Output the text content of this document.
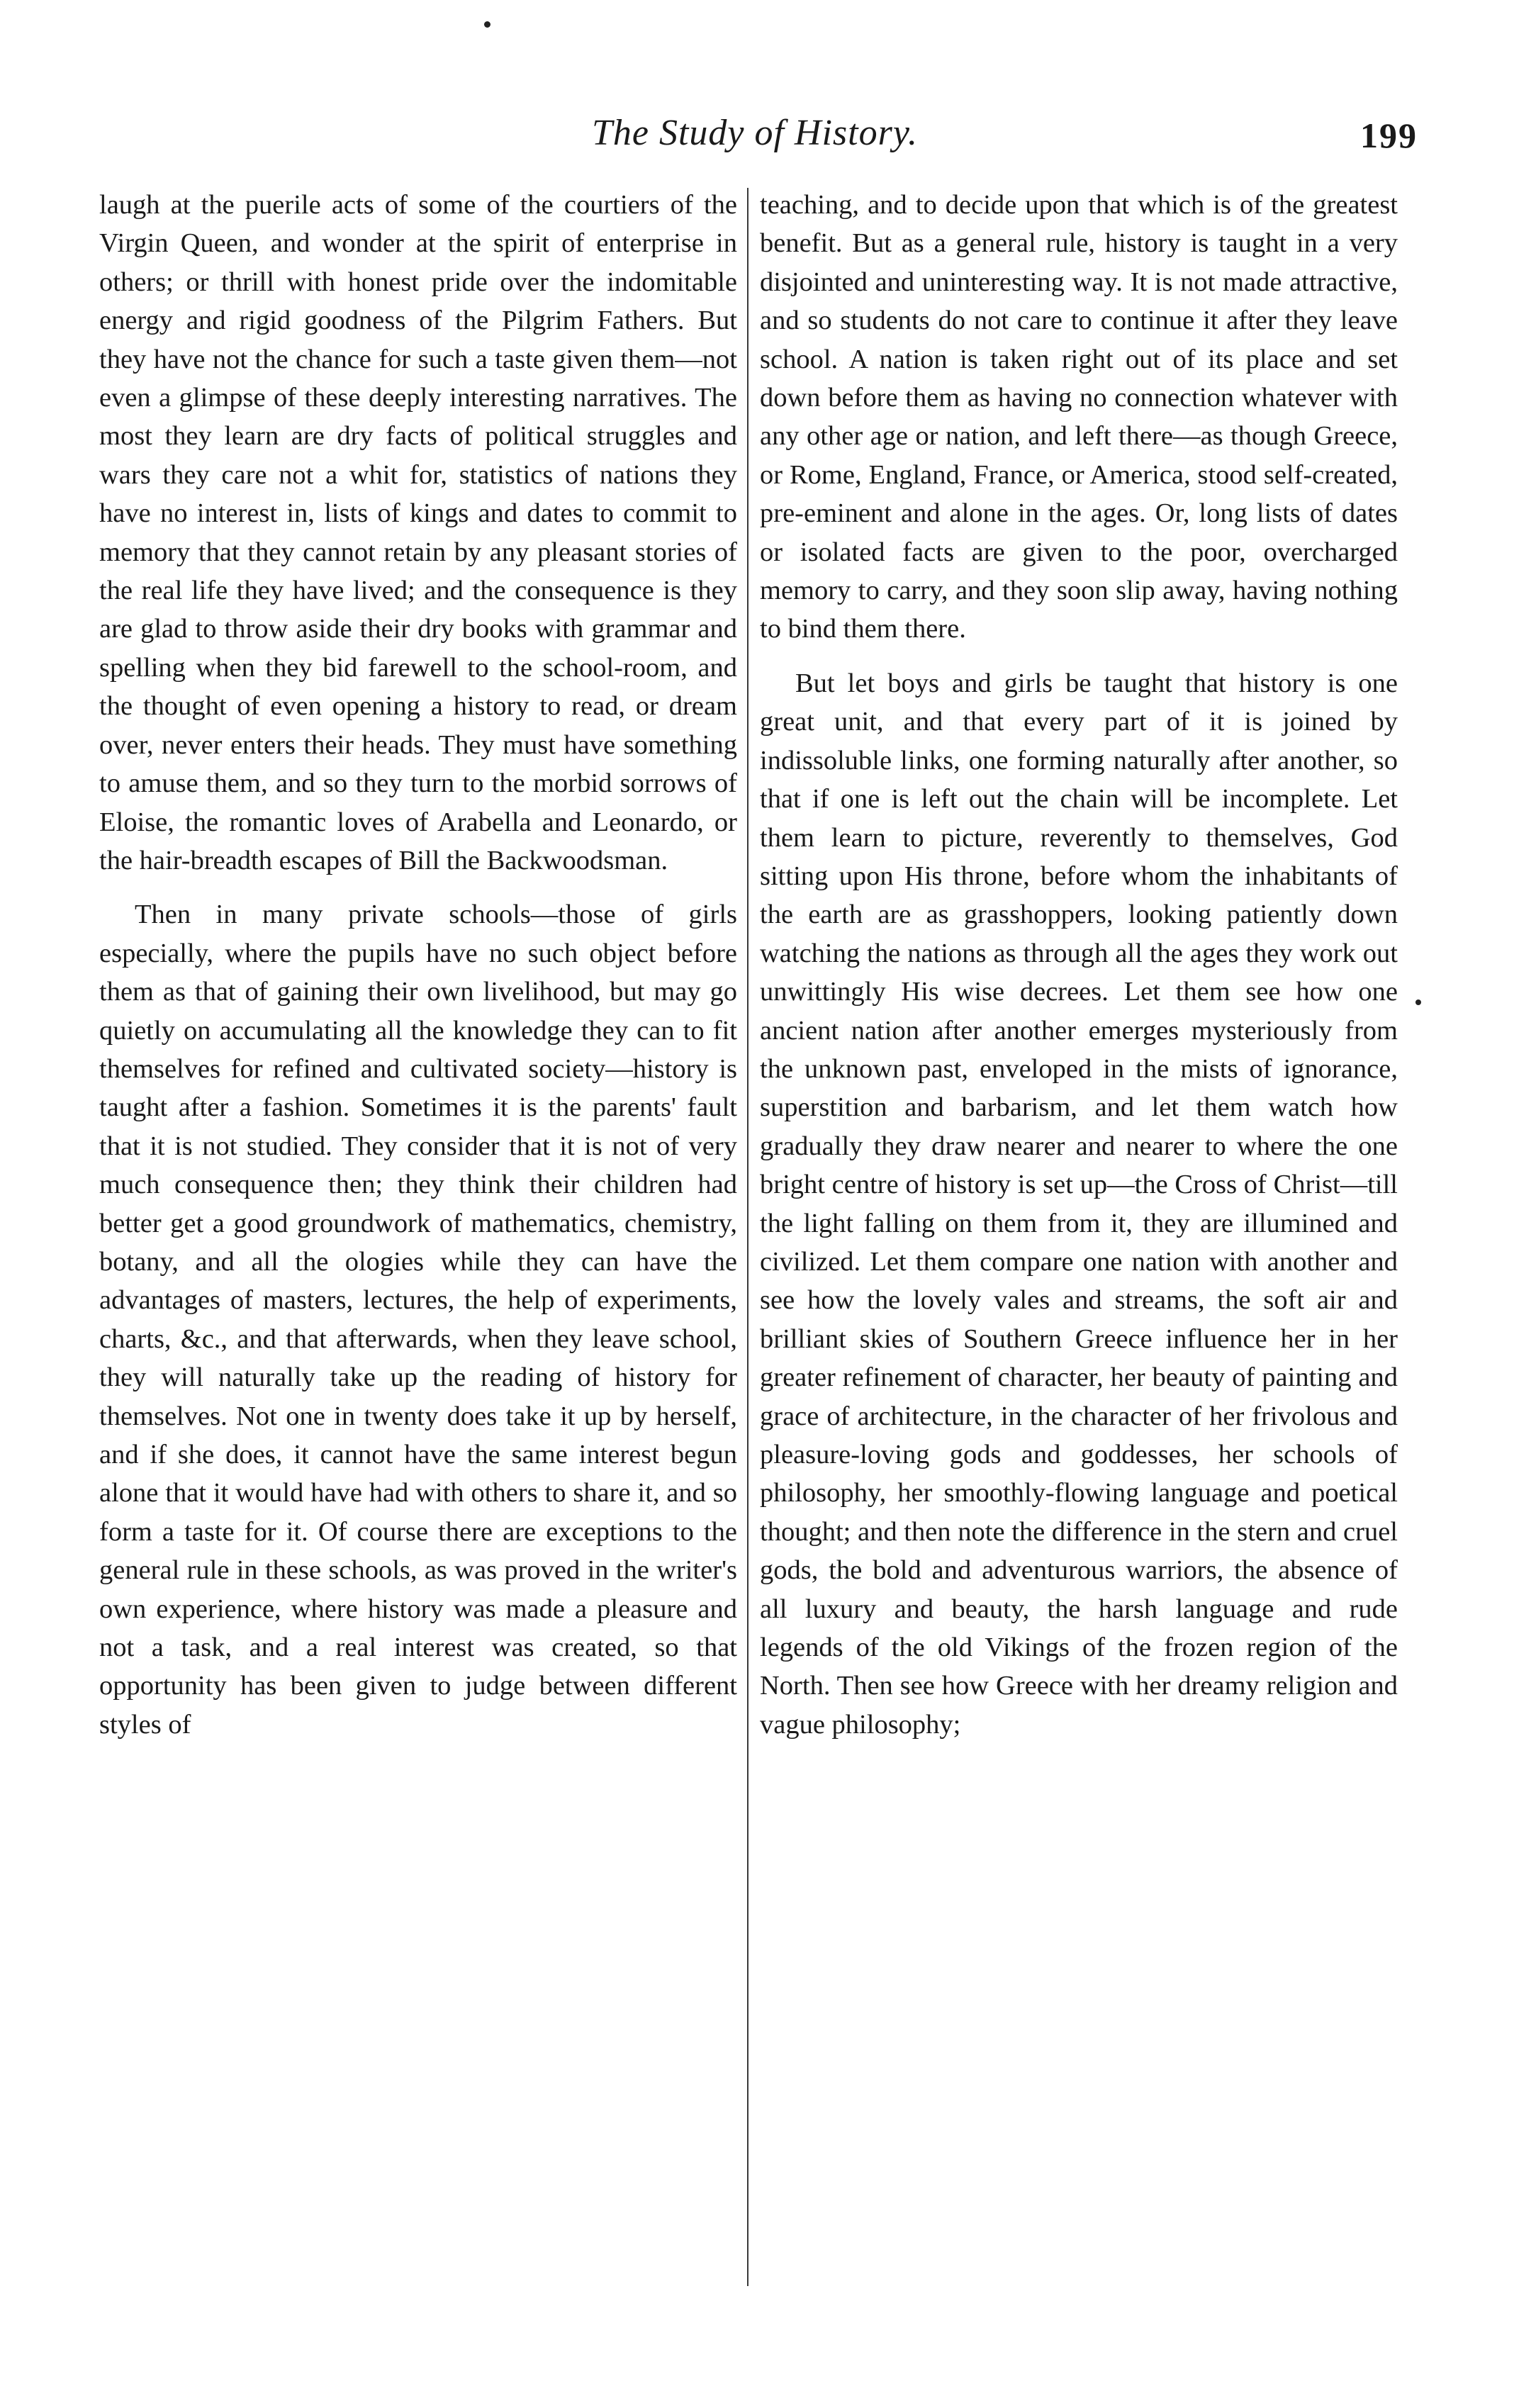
The Study of History.	199

laugh at the puerile acts of some of the courtiers of the Virgin Queen, and wonder at the spirit of enterprise in others; or thrill with honest pride over the indomitable energy and rigid goodness of the Pilgrim Fathers. But they have not the chance for such a taste given them—not even a glimpse of these deeply interesting narratives. The most they learn are dry facts of political struggles and wars they care not a whit for, statistics of nations they have no interest in, lists of kings and dates to commit to memory that they cannot retain by any pleasant stories of the real life they have lived; and the consequence is they are glad to throw aside their dry books with grammar and spelling when they bid farewell to the school-room, and the thought of even opening a history to read, or dream over, never enters their heads. They must have something to amuse them, and so they turn to the morbid sorrows of Eloise, the romantic loves of Arabella and Leonardo, or the hair-breadth escapes of Bill the Backwoodsman.

Then in many private schools—those of girls especially, where the pupils have no such object before them as that of gaining their own livelihood, but may go quietly on accumulating all the knowledge they can to fit themselves for refined and cultivated society—history is taught after a fashion. Sometimes it is the parents' fault that it is not studied. They consider that it is not of very much consequence then; they think their children had better get a good groundwork of mathematics, chemistry, botany, and all the ologies while they can have the advantages of masters, lectures, the help of experiments, charts, &c., and that afterwards, when they leave school, they will naturally take up the reading of history for themselves. Not one in twenty does take it up by herself, and if she does, it cannot have the same interest begun alone that it would have had with others to share it, and so form a taste for it. Of course there are exceptions to the general rule in these schools, as was proved in the writer's own experience, where history was made a pleasure and not a task, and a real interest was created, so that opportunity has been given to judge between different styles of

teaching, and to decide upon that which is of the greatest benefit. But as a general rule, history is taught in a very disjointed and uninteresting way. It is not made attractive, and so students do not care to continue it after they leave school. A nation is taken right out of its place and set down before them as having no connection whatever with any other age or nation, and left there—as though Greece, or Rome, England, France, or America, stood self-created, pre-eminent and alone in the ages. Or, long lists of dates or isolated facts are given to the poor, overcharged memory to carry, and they soon slip away, having nothing to bind them there.

But let boys and girls be taught that history is one great unit, and that every part of it is joined by indissoluble links, one forming naturally after another, so that if one is left out the chain will be incomplete. Let them learn to picture, reverently to themselves, God sitting upon His throne, before whom the inhabitants of the earth are as grasshoppers, looking patiently down watching the nations as through all the ages they work out unwittingly His wise decrees. Let them see how one ancient nation after another emerges mysteriously from the unknown past, enveloped in the mists of ignorance, superstition and barbarism, and let them watch how gradually they draw nearer and nearer to where the one bright centre of history is set up—the Cross of Christ—till the light falling on them from it, they are illumined and civilized. Let them compare one nation with another and see how the lovely vales and streams, the soft air and brilliant skies of Southern Greece influence her in her greater refinement of character, her beauty of painting and grace of architecture, in the character of her frivolous and pleasure-loving gods and goddesses, her schools of philosophy, her smoothly-flowing language and poetical thought; and then note the difference in the stern and cruel gods, the bold and adventurous warriors, the absence of all luxury and beauty, the harsh language and rude legends of the old Vikings of the frozen region of the North. Then see how Greece with her dreamy religion and vague philosophy;
